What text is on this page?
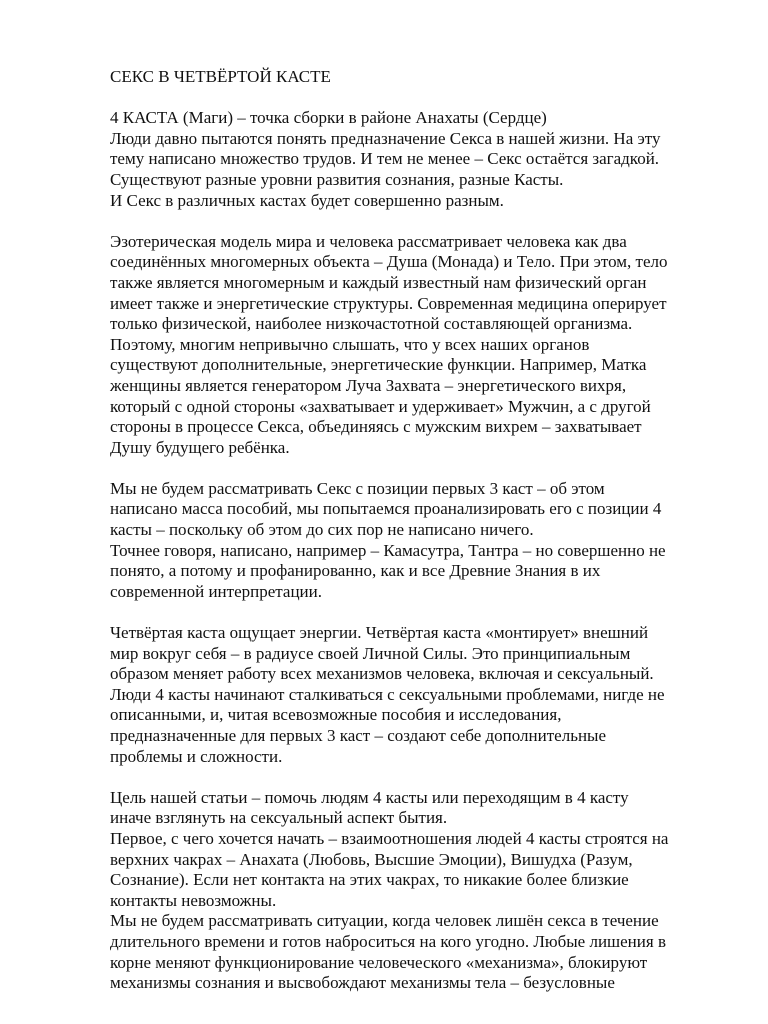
СЕКС В ЧЕТВЁРТОЙ КАСТЕ

4 КАСТА (Маги) – точка сборки в районе Анахаты (Сердце)

Люди давно пытаются понять предназначение Секса в нашей жизни. На эту

тему написано множество трудов. И тем не менее – Секс остаётся загадкой.

Существуют разные уровни развития сознания, разные Касты.

И Секс в различных кастах будет совершенно разным.

Эзотерическая модель мира и человека рассматривает человека как два

соединённых многомерных объекта – Душа (Монада) и Тело. При этом, тело

также является многомерным и каждый известный нам физический орган

имеет также и энергетические структуры. Современная медицина оперирует

только физической, наиболее низкочастотной составляющей организма.

Поэтому, многим непривычно слышать, что у всех наших органов

существуют дополнительные, энергетические функции. Например, Матка

женщины является генератором Луча Захвата – энергетического вихря,

который с одной стороны «захватывает и удерживает» Мужчин, а с другой

стороны в процессе Секса, объединяясь с мужским вихрем – захватывает

Душу будущего ребёнка.

Мы не будем рассматривать Секс с позиции первых 3 каст – об этом

написано масса пособий, мы попытаемся проанализировать его с позиции 4

касты – поскольку об этом до сих пор не написано ничего.

Точнее говоря, написано, например – Камасутра, Тантра – но совершенно не

понято, а потому и профанированно, как и все Древние Знания в их

современной интерпретации.

Четвёртая каста ощущает энергии. Четвёртая каста «монтирует» внешний

мир вокруг себя – в радиусе своей Личной Силы. Это принципиальным

образом меняет работу всех механизмов человека, включая и сексуальный.

Люди 4 касты начинают сталкиваться с сексуальными проблемами, нигде не

описанными, и, читая всевозможные пособия и исследования,

предназначенные для первых 3 каст – создают себе дополнительные

проблемы и сложности.

Цель нашей статьи – помочь людям 4 касты или переходящим в 4 касту

иначе взглянуть на сексуальный аспект бытия.

Первое, с чего хочется начать – взаимоотношения людей 4 касты строятся на

верхних чакрах – Анахата (Любовь, Высшие Эмоции), Вишудха (Разум,

Сознание). Если нет контакта на этих чакрах, то никакие более близкие

контакты невозможны.

Мы не будем рассматривать ситуации, когда человек лишён секса в течение

длительного времени и готов наброситься на кого угодно. Любые лишения в

корне меняют функционирование человеческого «механизма», блокируют

механизмы сознания и высвобождают механизмы тела – безусловные
